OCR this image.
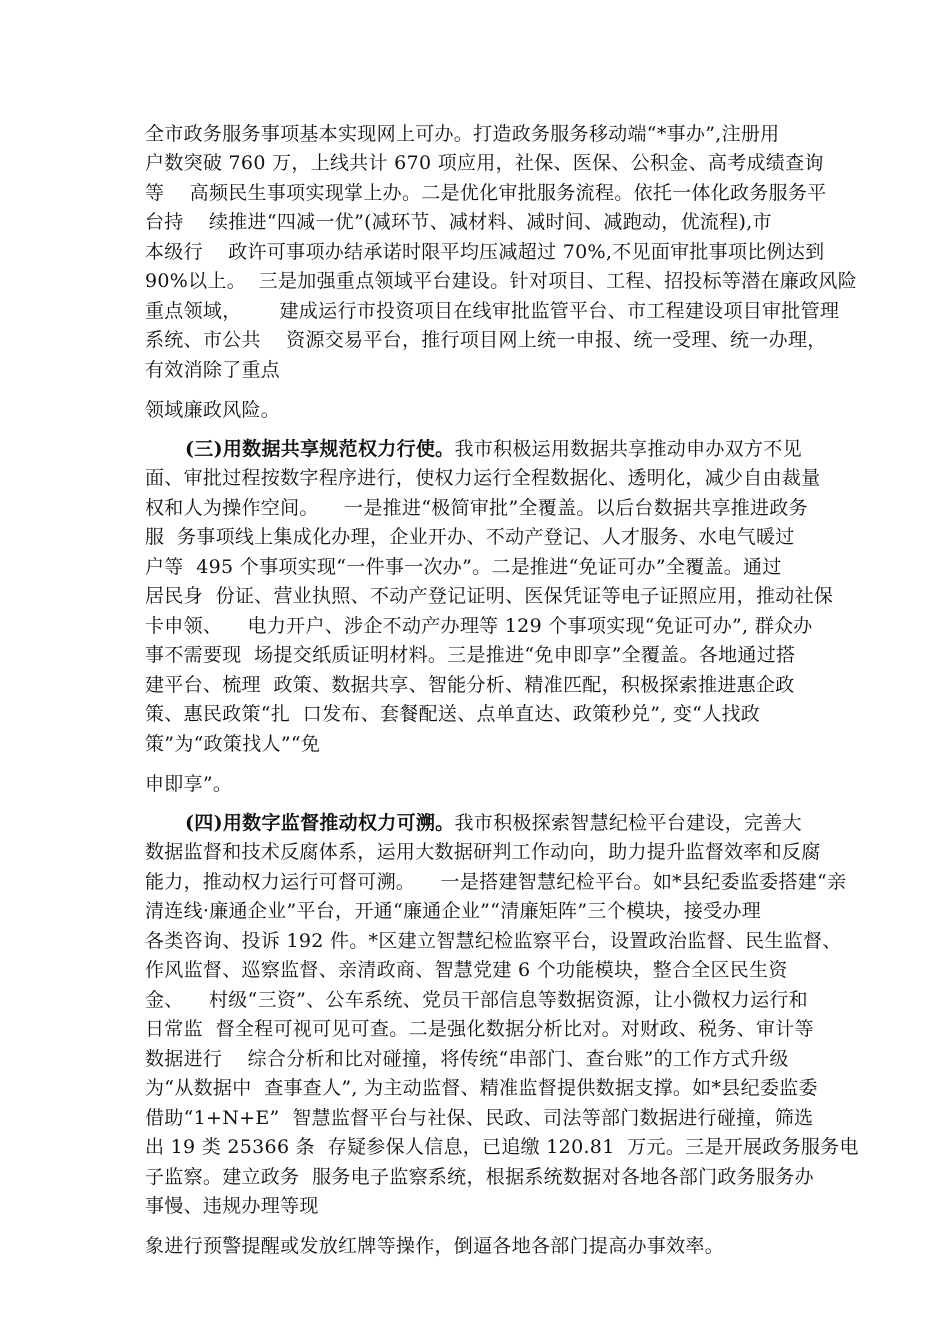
全市政务服务事项基本实现网上可办。打造政务服务移动端“*事办”,注册用
户数突破 760 万，上线共计 670 项应用，社保、医保、公积金、高考成绩查询
等    高频民生事项实现掌上办。二是优化审批服务流程。依托一体化政务服务平
台持    续推进“四减一优”(减环节、减材料、减时间、减跑动，优流程),市
本级行    政许可事项办结承诺时限平均压减超过 70%,不见面审批事项比例达到
90%以上。  三是加强重点领域平台建设。针对项目、工程、招投标等潜在廉政风险
重点领域，      建成运行市投资项目在线审批监管平台、市工程建设项目审批管理
系统、市公共    资源交易平台，推行项目网上统一申报、统一受理、统一办理，
有效消除了重点
领域廉政风险。
(三)用数据共享规范权力行使。我市积极运用数据共享推动申办双方不见
面、审批过程按数字程序进行，使权力运行全程数据化、透明化，减少自由裁量
权和人为操作空间。    一是推进“极简审批”全覆盖。以后台数据共享推进政务
服  务事项线上集成化办理，企业开办、不动产登记、人才服务、水电气暖过
户等  495 个事项实现“一件事一次办”。二是推进“免证可办”全覆盖。通过
居民身  份证、营业执照、不动产登记证明、医保凭证等电子证照应用，推动社保
卡申领、    电力开户、涉企不动产办理等 129 个事项实现“免证可办”, 群众办
事不需要现  场提交纸质证明材料。三是推进“免申即享”全覆盖。各地通过搭
建平台、梳理  政策、数据共享、智能分析、精准匹配，积极探索推进惠企政
策、惠民政策“扎  口发布、套餐配送、点单直达、政策秒兑”, 变“人找政
策”为“政策找人”“免
申即享”。
(四)用数字监督推动权力可溯。我市积极探索智慧纪检平台建设，完善大
数据监督和技术反腐体系，运用大数据研判工作动向，助力提升监督效率和反腐
能力，推动权力运行可督可溯。    一是搭建智慧纪检平台。如*县纪委监委搭建“亲
清连线·廉通企业”平台，开通“廉通企业”“清廉矩阵”三个模块，接受办理
各类咨询、投诉 192 件。*区建立智慧纪检监察平台，设置政治监督、民生监督、
作风监督、巡察监督、亲清政商、智慧党建 6 个功能模块，整合全区民生资
金、    村级“三资”、公车系统、党员干部信息等数据资源，让小微权力运行和
日常监  督全程可视可见可查。二是强化数据分析比对。对财政、税务、审计等
数据进行    综合分析和比对碰撞，将传统“串部门、查台账”的工作方式升级
为“从数据中  查事查人”, 为主动监督、精准监督提供数据支撑。如*县纪委监委
借助“1+N+E”  智慧监督平台与社保、民政、司法等部门数据进行碰撞，筛选
出 19 类 25366 条  存疑参保人信息，已追缴 120.81  万元。三是开展政务服务电
子监察。建立政务  服务电子监察系统，根据系统数据对各地各部门政务服务办
事慢、违规办理等现
象进行预警提醒或发放红牌等操作，倒逼各地各部门提高办事效率。
